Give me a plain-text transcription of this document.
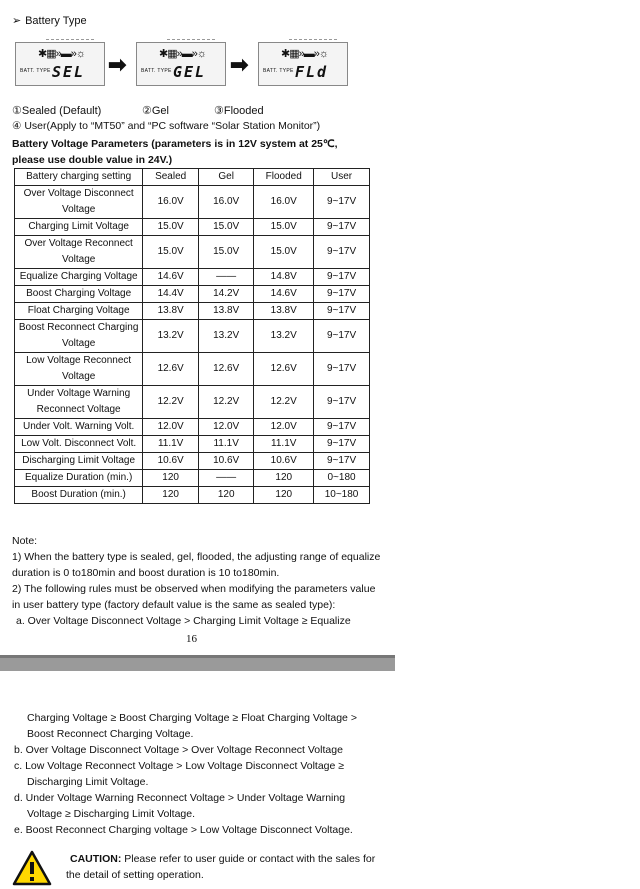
➢ Battery Type
✱▦»▬»☼
BATT. TYPE SEL ➡	✱▦»▬»☼
BATT. TYPE GEL ➡	✱▦»▬»☼
BATT. TYPE FLd
①Sealed (Default)	②Gel	③Flooded
④ User(Apply to “MT50” and “PC software “Solar Station Monitor”)
Battery Voltage Parameters (parameters is in 12V system at 25℃, please use double value in 24V.)
Battery charging setting	Sealed	Gel	Flooded	User
Over Voltage Disconnect Voltage	16.0V	16.0V	16.0V	9~17V
Charging Limit Voltage	15.0V	15.0V	15.0V	9~17V
Over Voltage Reconnect Voltage	15.0V	15.0V	15.0V	9~17V
Equalize Charging Voltage	14.6V	——	14.8V	9~17V
Boost Charging Voltage	14.4V	14.2V	14.6V	9~17V
Float Charging Voltage	13.8V	13.8V	13.8V	9~17V
Boost Reconnect Charging Voltage	13.2V	13.2V	13.2V	9~17V
Low Voltage Reconnect Voltage	12.6V	12.6V	12.6V	9~17V
Under Voltage Warning Reconnect Voltage	12.2V	12.2V	12.2V	9~17V
Under Volt. Warning Volt.	12.0V	12.0V	12.0V	9~17V
Low Volt. Disconnect Volt.	11.1V	11.1V	11.1V	9~17V
Discharging Limit Voltage	10.6V	10.6V	10.6V	9~17V
Equalize Duration (min.)	120	——	120	0~180
Boost Duration (min.)	120	120	120	10~180
Note:
1) When the battery type is sealed, gel, flooded, the adjusting range of equalize
duration is 0 to180min and boost duration is 10 to180min.
2) The following rules must be observed when modifying the parameters value
in user battery type (factory default value is the same as sealed type):
a. Over Voltage Disconnect Voltage > Charging Limit Voltage ≥ Equalize
16
Charging Voltage ≥ Boost Charging Voltage ≥ Float Charging Voltage >
Boost Reconnect Charging Voltage.
b. Over Voltage Disconnect Voltage > Over Voltage Reconnect Voltage
c. Low Voltage Reconnect Voltage > Low Voltage Disconnect Voltage ≥
Discharging Limit Voltage.
d. Under Voltage Warning Reconnect Voltage > Under Voltage Warning
Voltage ≥ Discharging Limit Voltage.
e. Boost Reconnect Charging voltage > Low Voltage Disconnect Voltage.
CAUTION: Please refer to user guide or contact with the sales for
the detail of setting operation.
